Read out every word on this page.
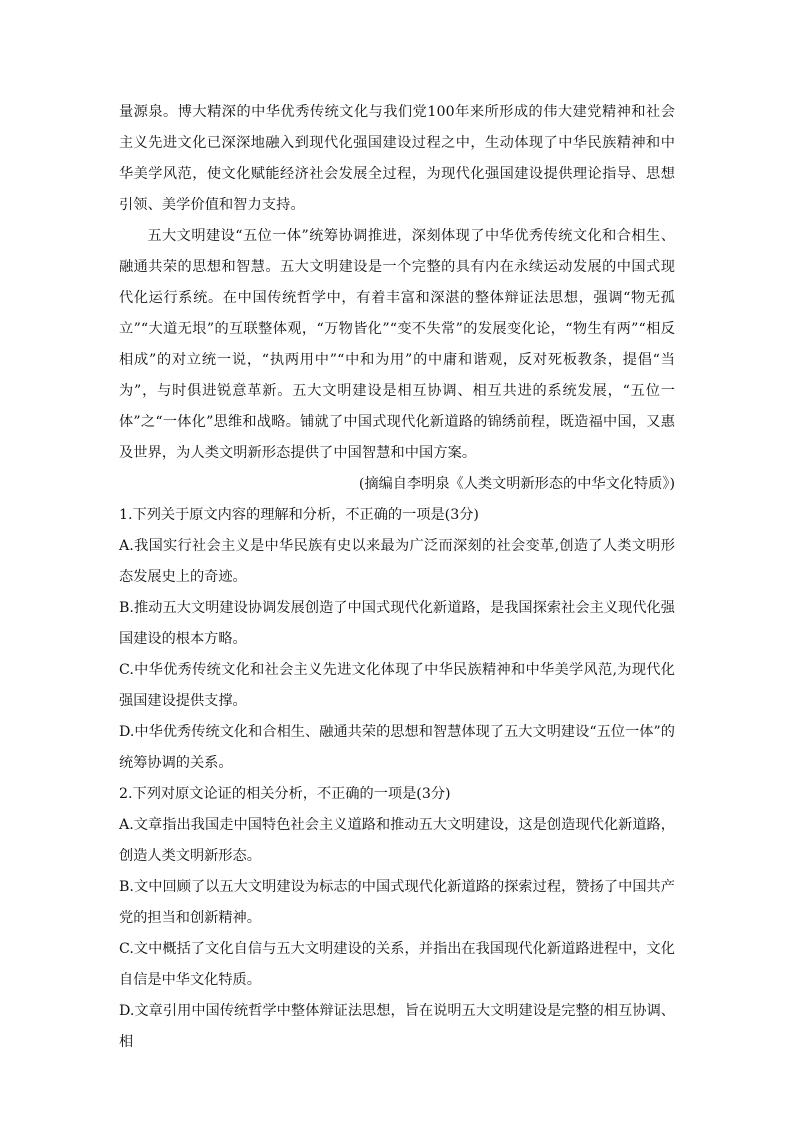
量源泉。博大精深的中华优秀传统文化与我们党100年来所形成的伟大建党精神和社会主义先进文化已深深地融入到现代化强国建设过程之中，生动体现了中华民族精神和中华美学风范，使文化赋能经济社会发展全过程，为现代化强国建设提供理论指导、思想引领、美学价值和智力支持。

五大文明建设“五位一体”统筹协调推进，深刻体现了中华优秀传统文化和合相生、融通共荣的思想和智慧。五大文明建设是一个完整的具有内在永续运动发展的中国式现代化运行系统。在中国传统哲学中，有着丰富和深湛的整体辩证法思想，强调“物无孤立”“大道无垠”的互联整体观，“万物皆化”“变不失常”的发展变化论，“物生有两”“相反相成”的对立统一说，“执两用中”“中和为用”的中庸和谐观，反对死板教条，提倡“当为”，与时俱进锐意革新。五大文明建设是相互协调、相互共进的系统发展，“五位一体”之“一体化”思维和战略。铺就了中国式现代化新道路的锦绣前程，既造福中国，又惠及世界，为人类文明新形态提供了中国智慧和中国方案。

(摘编自李明泉《人类文明新形态的中华文化特质》)

1.下列关于原文内容的理解和分析，不正确的一项是(3分)

A.我国实行社会主义是中华民族有史以来最为广泛而深刻的社会变革,创造了人类文明形态发展史上的奇迹。

B.推动五大文明建设协调发展创造了中国式现代化新道路，是我国探索社会主义现代化强国建设的根本方略。

C.中华优秀传统文化和社会主义先进文化体现了中华民族精神和中华美学风范,为现代化强国建设提供支撑。

D.中华优秀传统文化和合相生、融通共荣的思想和智慧体现了五大文明建设“五位一体”的统筹协调的关系。

2.下列对原文论证的相关分析，不正确的一项是(3分)

A.文章指出我国走中国特色社会主义道路和推动五大文明建设，这是创造现代化新道路，创造人类文明新形态。

B.文中回顾了以五大文明建设为标志的中国式现代化新道路的探索过程，赞扬了中国共产党的担当和创新精神。

C.文中概括了文化自信与五大文明建设的关系，并指出在我国现代化新道路进程中，文化自信是中华文化特质。

D.文章引用中国传统哲学中整体辩证法思想，旨在说明五大文明建设是完整的相互协调、相
